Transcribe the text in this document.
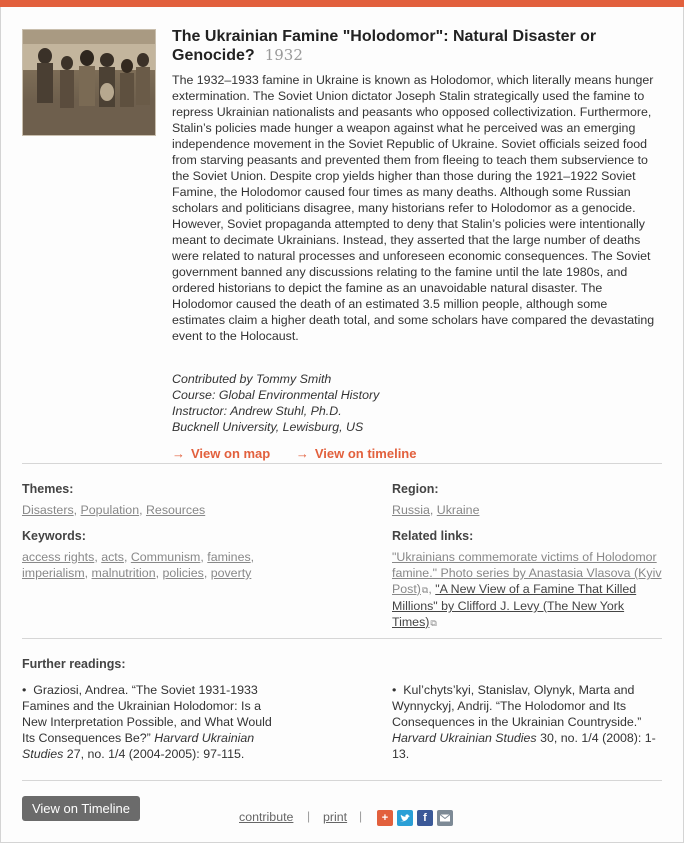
The Ukrainian Famine "Holodomor": Natural Disaster or Genocide? 1932
The 1932–1933 famine in Ukraine is known as Holodomor, which literally means hunger extermination. The Soviet Union dictator Joseph Stalin strategically used the famine to repress Ukrainian nationalists and peasants who opposed collectivization. Furthermore, Stalin’s policies made hunger a weapon against what he perceived was an emerging independence movement in the Soviet Republic of Ukraine. Soviet officials seized food from starving peasants and prevented them from fleeing to teach them subservience to the Soviet Union. Despite crop yields higher than those during the 1921–1922 Soviet Famine, the Holodomor caused four times as many deaths. Although some Russian scholars and politicians disagree, many historians refer to Holodomor as a genocide. However, Soviet propaganda attempted to deny that Stalin’s policies were intentionally meant to decimate Ukrainians. Instead, they asserted that the large number of deaths were related to natural processes and unforeseen economic consequences. The Soviet government banned any discussions relating to the famine until the late 1980s, and ordered historians to depict the famine as an unavoidable natural disaster. The Holodomor caused the death of an estimated 3.5 million people, although some estimates claim a higher death total, and some scholars have compared the devastating event to the Holocaust.
Contributed by Tommy Smith
Course: Global Environmental History
Instructor: Andrew Stuhl, Ph.D.
Bucknell University, Lewisburg, US
→ View on map → View on timeline
Themes:
Disasters, Population, Resources
Region:
Russia, Ukraine
Keywords:
access rights, acts, Communism, famines, imperialism, malnutrition, policies, poverty
Related links:
"Ukrainians commemorate victims of Holodomor famine." Photo series by Anastasia Vlasova (Kyiv Post)⧉, "A New View of a Famine That Killed Millions" by Clifford J. Levy (The New York Times)⧉
Further readings:
• Graziosi, Andrea. “The Soviet 1931-1933 Famines and the Ukrainian Holodomor: Is a New Interpretation Possible, and What Would Its Consequences Be?” Harvard Ukrainian Studies 27, no. 1/4 (2004-2005): 97-115.
• Kul’chyts’kyi, Stanislav, Olynyk, Marta and Wynnyckyj, Andrij. “The Holodomor and Its Consequences in the Ukrainian Countryside.” Harvard Ukrainian Studies 30, no. 1/4 (2008): 1-13.
View on Timeline
contribute | print |	+	f
